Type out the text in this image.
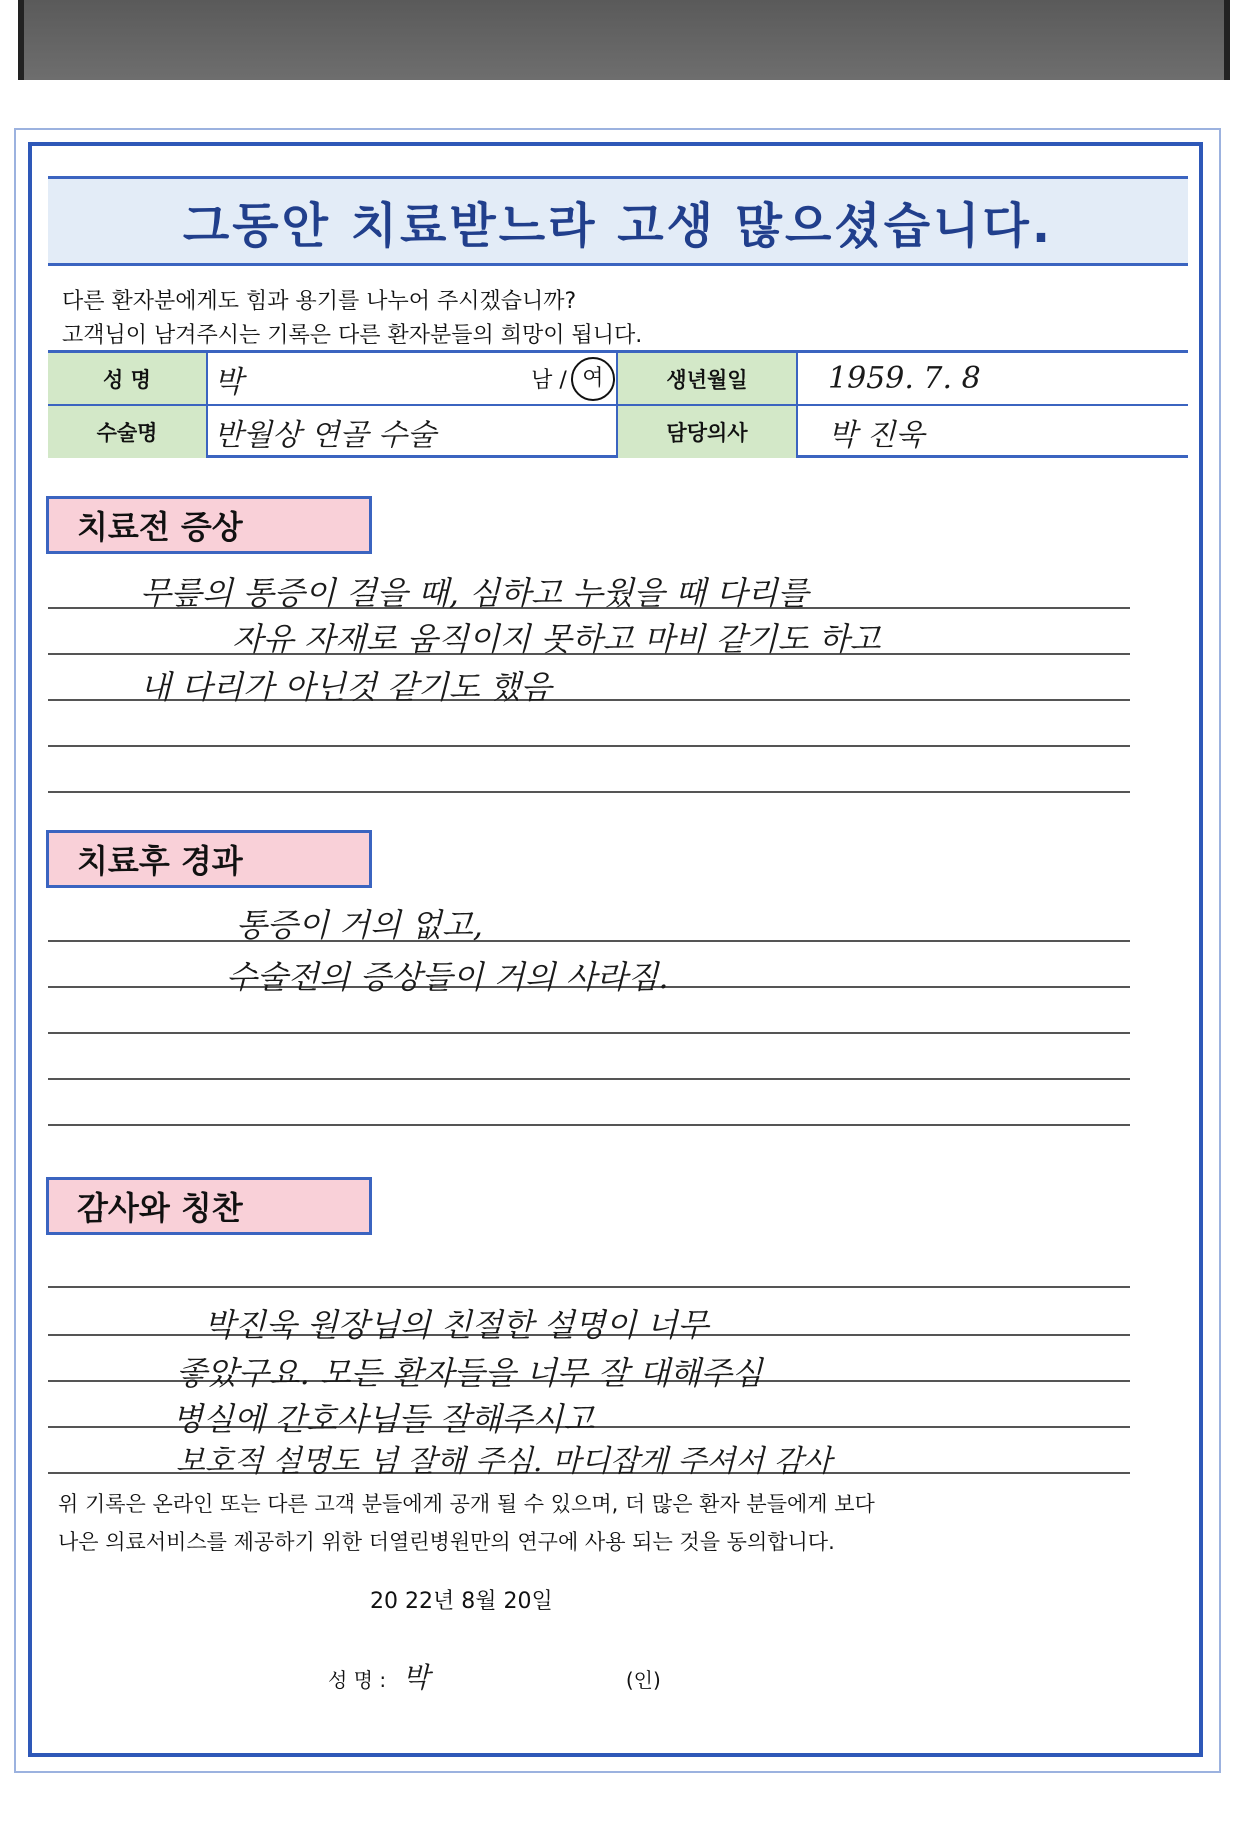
그동안 치료받느라 고생 많으셨습니다.
다른 환자분에게도 힘과 용기를 나누어 주시겠습니까?
고객님이 남겨주시는 기록은 다른 환자분들의 희망이 됩니다.
성 명
수술명
박	남 / 여
반월상 연골 수술
생년월일
담당의사
1959. 7. 8
박 진욱
치료전 증상
무릎의 통증이 걸을 때, 심하고 누웠을 때 다리를
자유 자재로 움직이지 못하고 마비 같기도 하고
내 다리가 아닌것 같기도 했음
치료후 경과
통증이 거의 없고,
수술전의 증상들이 거의 사라짐.
감사와 칭찬
박진욱 원장님의 친절한 설명이 너무
좋았구요. 모든 환자들을 너무 잘 대해주심
병실에 간호사님들 잘해주시고
보호적 설명도 넘 잘해 주심. 마디잡게 주셔서 감사
위 기록은 온라인 또는 다른 고객 분들에게 공개 될 수 있으며, 더 많은 환자 분들에게 보다
나은 의료서비스를 제공하기 위한 더열린병원만의 연구에 사용 되는 것을 동의합니다.
20 22년 8월 20일
성 명 : 박	(인)
